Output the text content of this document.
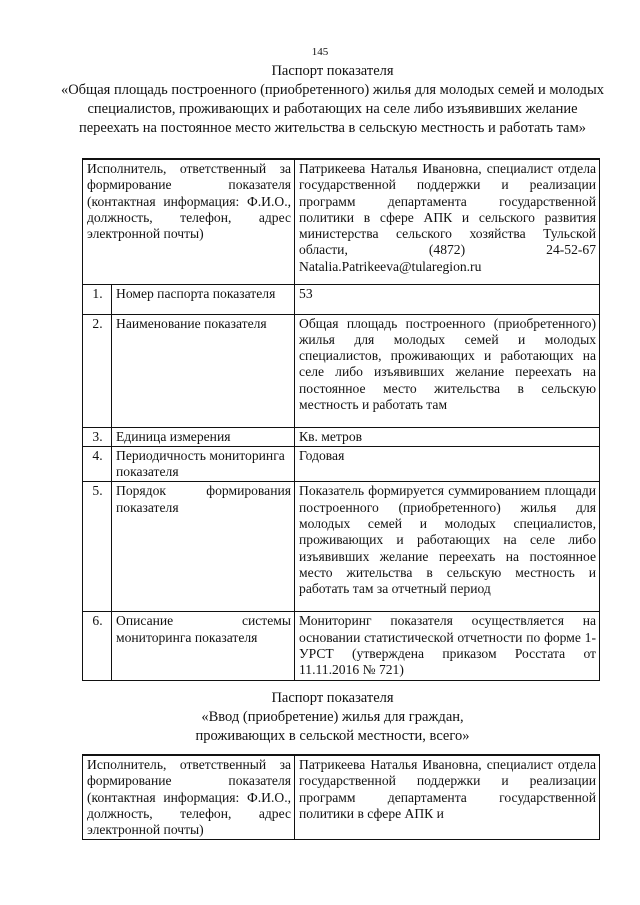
145
Паспорт показателя
«Общая площадь построенного (приобретенного) жилья для молодых семей и молодых специалистов, проживающих и работающих на селе либо изъявивших желание переехать на постоянное место жительства в сельскую местность и работать там»
Исполнитель, ответственный за формирование показателя (контактная информация: Ф.И.О., должность, телефон, адрес электронной почты)		Патрикеева Наталья Ивановна, специалист отдела государственной поддержки и реализации программ департамента государственной политики в сфере АПК и сельского развития министерства сельского хозяйства Тульской области, (4872) 24-52-67 Natalia.Patrikeeva@tularegion.ru
1.	Номер паспорта показателя	53
2.	Наименование показателя	Общая площадь построенного (приобретенного) жилья для молодых семей и молодых специалистов, проживающих и работающих на селе либо изъявивших желание переехать на постоянное место жительства в сельскую местность и работать там
3.	Единица измерения	Кв. метров
4.	Периодичность мониторинга показателя	Годовая
5.	Порядок формирования показателя	Показатель формируется суммированием площади построенного (приобретенного) жилья для молодых семей и молодых специалистов, проживающих и работающих на селе либо изъявивших желание переехать на постоянное место жительства в сельскую местность и работать там за отчетный период
6.	Описание системы мониторинга показателя	Мониторинг показателя осуществляется на основании статистической отчетности по форме 1-УРСТ (утверждена приказом Росстата от 11.11.2016 № 721)
Паспорт показателя
«Ввод (приобретение) жилья для граждан, проживающих в сельской местности, всего»
Исполнитель, ответственный за формирование показателя (контактная информация: Ф.И.О., должность, телефон, адрес электронной почты)	Патрикеева Наталья Ивановна, специалист отдела государственной поддержки и реализации программ департамента государственной политики в сфере АПК и
